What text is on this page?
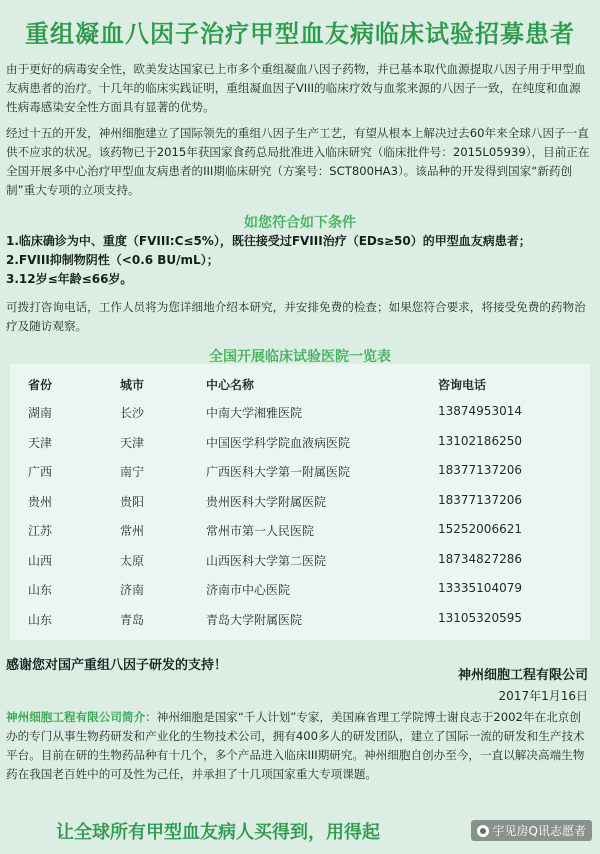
重组凝血八因子治疗甲型血友病临床试验招募患者
由于更好的病毒安全性，欧美发达国家已上市多个重组凝血八因子药物，并已基本取代血源提取八因子用于甲型血友病患者的治疗。十几年的临床实践证明，重组凝血因子VIII的临床疗效与血浆来源的八因子一致，在纯度和血源性病毒感染安全性方面具有显著的优势。
经过十五的开发，神州细胞建立了国际领先的重组八因子生产工艺，有望从根本上解决过去60年来全球八因子一直供不应求的状况。该药物已于2015年获国家食药总局批准进入临床研究（临床批件号：2015L05939），目前正在全国开展多中心治疗甲型血友病患者的III期临床研究（方案号：SCT800HA3）。该品种的开发得到国家“新药创制”重大专项的立项支持。
如您符合如下条件
1.临床确诊为中、重度（FVIII:C≤5%），既往接受过FVIII治疗（EDs≥50）的甲型血友病患者；
2.FVIII抑制物阴性（<0.6 BU/mL）；
3.12岁≤年龄≤66岁。
可拨打咨询电话，工作人员将为您详细地介绍本研究，并安排免费的检查；如果您符合要求，将接受免费的药物治疗及随访观察。
全国开展临床试验医院一览表
省份	城市	中心名称	咨询电话
湖南	长沙	中南大学湘雅医院	13874953014
天津	天津	中国医学科学院血液病医院	13102186250
广西	南宁	广西医科大学第一附属医院	18377137206
贵州	贵阳	贵州医科大学附属医院	18377137206
江苏	常州	常州市第一人民医院	15252006621
山西	太原	山西医科大学第二医院	18734827286
山东	济南	济南市中心医院	13335104079
山东	青岛	青岛大学附属医院	13105320595
感谢您对国产重组八因子研发的支持！
神州细胞工程有限公司
2017年1月16日
神州细胞工程有限公司简介：神州细胞是国家“千人计划”专家，美国麻省理工学院博士谢良志于2002年在北京创办的专门从事生物药研发和产业化的生物技术公司，拥有400多人的研发团队，建立了国际一流的研发和生产技术平台。目前在研的生物药品种有十几个，多个产品进入临床III期研究。神州细胞自创办至今，一直以解决高端生物药在我国老百姓中的可及性为己任，并承担了十几项国家重大专项课题。
让全球所有甲型血友病人买得到，用得起	宇见房Q讯志愿者
